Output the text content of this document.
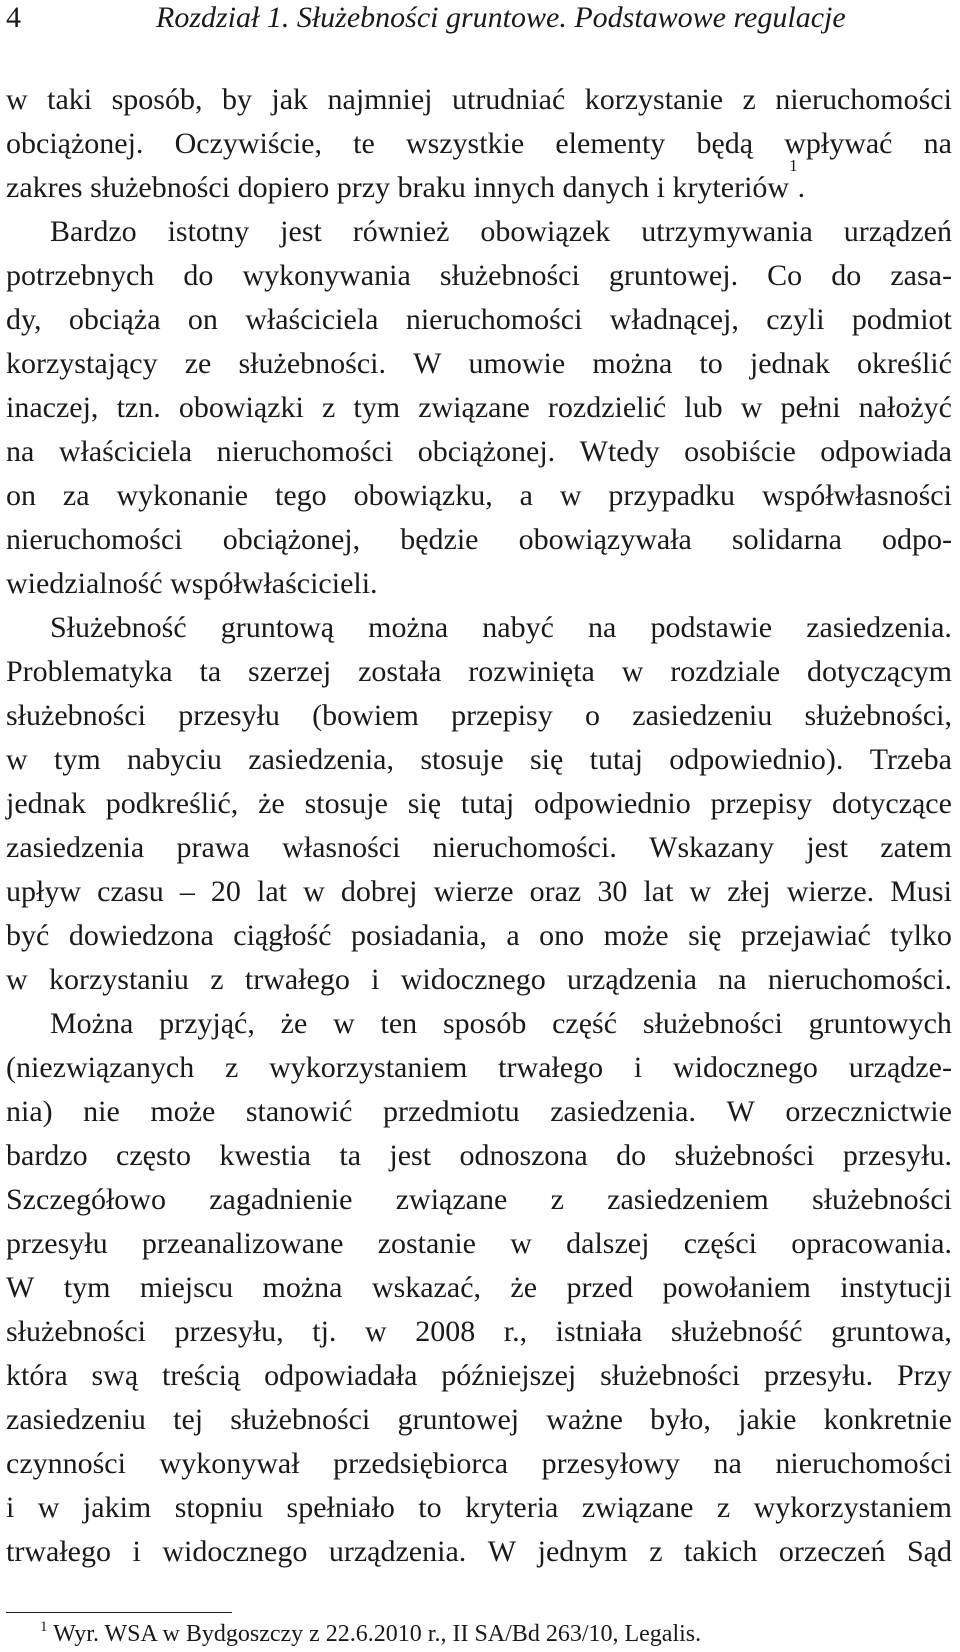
4	Rozdział 1. Służebności gruntowe. Podstawowe regulacje
w taki sposób, by jak najmniej utrudniać korzystanie z nieruchomości
obciążonej. Oczywiście, te wszystkie elementy będą wpływać na
zakres służebności dopiero przy braku innych danych i kryteriów
1
.
Bardzo istotny jest również obowiązek utrzymywania urządzeń
potrzebnych do wykonywania służebności gruntowej. Co do zasa-
dy, obciąża on właściciela nieruchomości władnącej, czyli podmiot
korzystający ze służebności. W umowie można to jednak określić
inaczej, tzn. obowiązki z tym związane rozdzielić lub w pełni nałożyć
na właściciela nieruchomości obciążonej. Wtedy osobiście odpowiada
on za wykonanie tego obowiązku, a w przypadku współwłasności
nieruchomości obciążonej, będzie obowiązywała solidarna odpo-
wiedzialność współwłaścicieli.
Służebność gruntową można nabyć na podstawie zasiedzenia.
Problematyka ta szerzej została rozwinięta w rozdziale dotyczącym
służebności przesyłu (bowiem przepisy o zasiedzeniu służebności,
w tym nabyciu zasiedzenia, stosuje się tutaj odpowiednio). Trzeba
jednak podkreślić, że stosuje się tutaj odpowiednio przepisy dotyczące
zasiedzenia prawa własności nieruchomości. Wskazany jest zatem
upływ czasu – 20 lat w dobrej wierze oraz 30 lat w złej wierze. Musi
być dowiedzona ciągłość posiadania, a ono może się przejawiać tylko
w korzystaniu z trwałego i widocznego urządzenia na nieruchomości.
Można przyjąć, że w ten sposób część służebności gruntowych
(niezwiązanych z wykorzystaniem trwałego i widocznego urządze-
nia) nie może stanowić przedmiotu zasiedzenia. W orzecznictwie
bardzo często kwestia ta jest odnoszona do służebności przesyłu.
Szczegółowo zagadnienie związane z zasiedzeniem służebności
przesyłu przeanalizowane zostanie w dalszej części opracowania.
W tym miejscu można wskazać, że przed powołaniem instytucji
służebności przesyłu, tj. w 2008 r., istniała służebność gruntowa,
która swą treścią odpowiadała późniejszej służebności przesyłu. Przy
zasiedzeniu tej służebności gruntowej ważne było, jakie konkretnie
czynności wykonywał przedsiębiorca przesyłowy na nieruchomości
i w jakim stopniu spełniało to kryteria związane z wykorzystaniem
trwałego i widocznego urządzenia. W jednym z takich orzeczeń Sąd
$^1$ Wyr. WSA w Bydgoszczy z 22.6.2010 r., II SA/Bd 263/10, Legalis.
